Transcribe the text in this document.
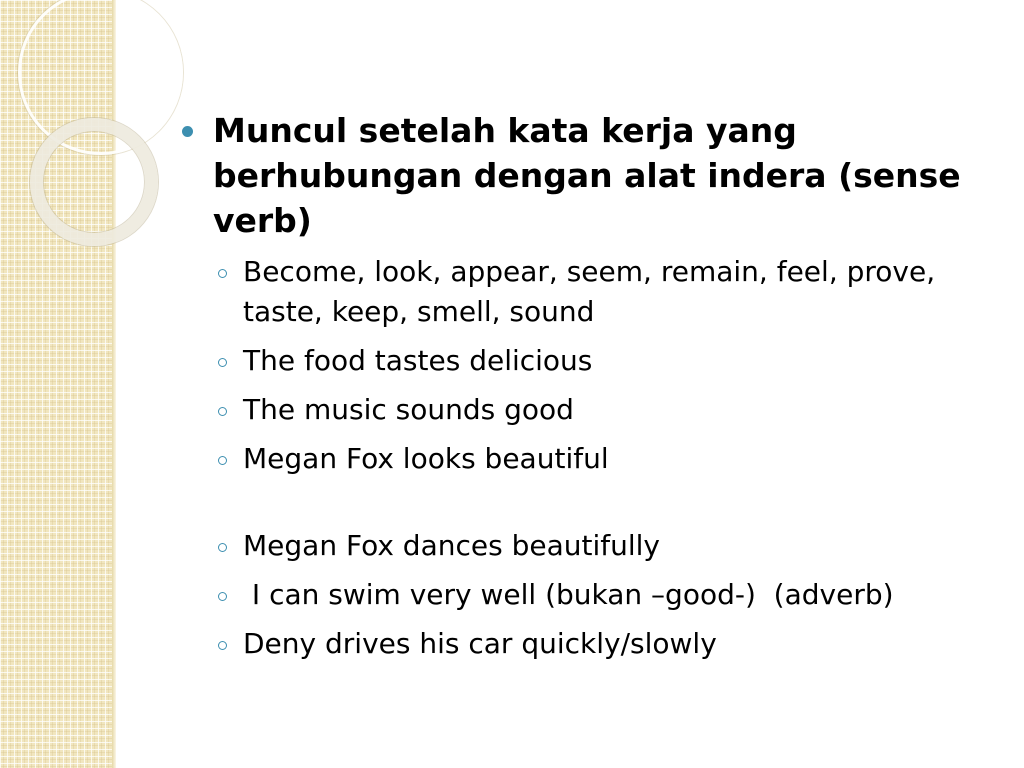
Muncul setelah kata kerja yang berhubungan dengan alat indera (sense verb)
Become, look, appear, seem, remain, feel, prove, taste, keep, smell, sound
The food tastes delicious
The music sounds good
Megan Fox looks beautiful
Megan Fox dances beautifully
I can swim very well (bukan –good-)  (adverb)
Deny drives his car quickly/slowly
